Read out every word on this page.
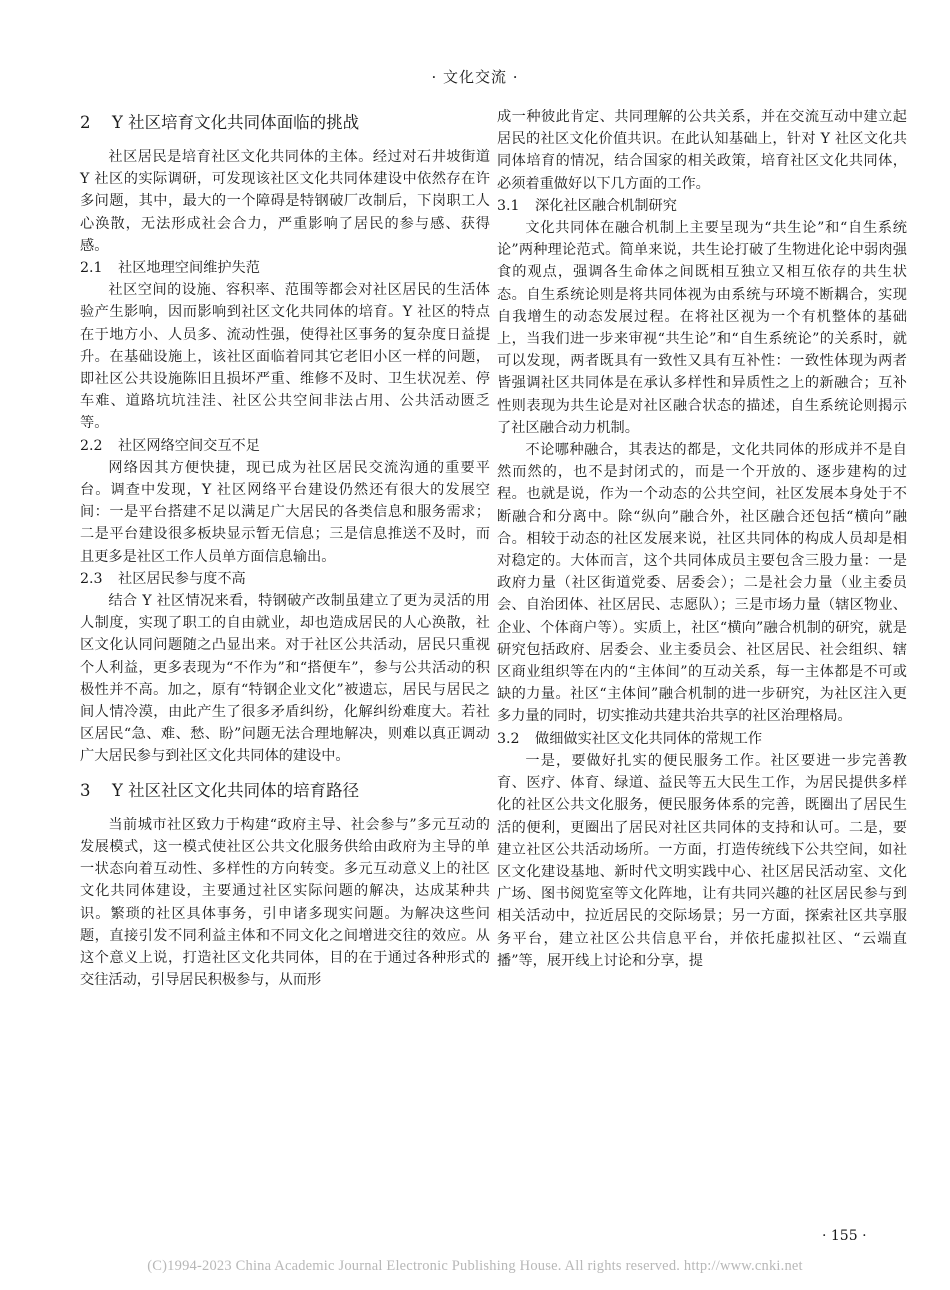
· 文化交流 ·
2 Y 社区培育文化共同体面临的挑战

社区居民是培育社区文化共同体的主体。经过对石井坡街道 Y 社区的实际调研，可发现该社区文化共同体建设中依然存在许多问题，其中，最大的一个障碍是特钢破厂改制后，下岗职工人心涣散，无法形成社会合力，严重影响了居民的参与感、获得感。

2.1 社区地理空间维护失范

社区空间的设施、容积率、范围等都会对社区居民的生活体验产生影响，因而影响到社区文化共同体的培育。Y 社区的特点在于地方小、人员多、流动性强，使得社区事务的复杂度日益提升。在基础设施上，该社区面临着同其它老旧小区一样的问题，即社区公共设施陈旧且损坏严重、维修不及时、卫生状况差、停车难、道路坑坑洼洼、社区公共空间非法占用、公共活动匮乏等。

2.2 社区网络空间交互不足

网络因其方便快捷，现已成为社区居民交流沟通的重要平台。调查中发现，Y 社区网络平台建设仍然还有很大的发展空间：一是平台搭建不足以满足广大居民的各类信息和服务需求；二是平台建设很多板块显示暂无信息；三是信息推送不及时，而且更多是社区工作人员单方面信息输出。

2.3 社区居民参与度不高

结合 Y 社区情况来看，特钢破产改制虽建立了更为灵活的用人制度，实现了职工的自由就业，却也造成居民的人心涣散，社区文化认同问题随之凸显出来。对于社区公共活动，居民只重视个人利益，更多表现为“不作为”和“搭便车”，参与公共活动的积极性并不高。加之，原有“特钢企业文化”被遗忘，居民与居民之间人情冷漠，由此产生了很多矛盾纠纷，化解纠纷难度大。若社区居民“急、难、愁、盼”问题无法合理地解决，则难以真正调动广大居民参与到社区文化共同体的建设中。

3 Y 社区社区文化共同体的培育路径

当前城市社区致力于构建“政府主导、社会参与”多元互动的发展模式，这一模式使社区公共文化服务供给由政府为主导的单一状态向着互动性、多样性的方向转变。多元互动意义上的社区文化共同体建设，主要通过社区实际问题的解决，达成某种共识。繁琐的社区具体事务，引申诸多现实问题。为解决这些问题，直接引发不同利益主体和不同文化之间增进交往的效应。从这个意义上说，打造社区文化共同体，目的在于通过各种形式的交往活动，引导居民积极参与，从而形

成一种彼此肯定、共同理解的公共关系，并在交流互动中建立起居民的社区文化价值共识。在此认知基础上，针对 Y 社区文化共同体培育的情况，结合国家的相关政策，培育社区文化共同体，必须着重做好以下几方面的工作。

3.1 深化社区融合机制研究

文化共同体在融合机制上主要呈现为“共生论”和“自生系统论”两种理论范式。简单来说，共生论打破了生物进化论中弱肉强食的观点，强调各生命体之间既相互独立又相互依存的共生状态。自生系统论则是将共同体视为由系统与环境不断耦合，实现自我增生的动态发展过程。在将社区视为一个有机整体的基础上，当我们进一步来审视“共生论”和“自生系统论”的关系时，就可以发现，两者既具有一致性又具有互补性：一致性体现为两者皆强调社区共同体是在承认多样性和异质性之上的新融合；互补性则表现为共生论是对社区融合状态的描述，自生系统论则揭示了社区融合动力机制。

不论哪种融合，其表达的都是，文化共同体的形成并不是自然而然的，也不是封闭式的，而是一个开放的、逐步建构的过程。也就是说，作为一个动态的公共空间，社区发展本身处于不断融合和分离中。除“纵向”融合外，社区融合还包括“横向”融合。相较于动态的社区发展来说，社区共同体的构成人员却是相对稳定的。大体而言，这个共同体成员主要包含三股力量：一是政府力量（社区街道党委、居委会）；二是社会力量（业主委员会、自治团体、社区居民、志愿队）；三是市场力量（辖区物业、企业、个体商户等）。实质上，社区“横向”融合机制的研究，就是研究包括政府、居委会、业主委员会、社区居民、社会组织、辖区商业组织等在内的“主体间”的互动关系，每一主体都是不可或缺的力量。社区“主体间”融合机制的进一步研究，为社区注入更多力量的同时，切实推动共建共治共享的社区治理格局。

3.2 做细做实社区文化共同体的常规工作

一是，要做好扎实的便民服务工作。社区要进一步完善教育、医疗、体育、绿道、益民等五大民生工作，为居民提供多样化的社区公共文化服务，便民服务体系的完善，既圈出了居民生活的便利，更圈出了居民对社区共同体的支持和认可。二是，要建立社区公共活动场所。一方面，打造传统线下公共空间，如社区文化建设基地、新时代文明实践中心、社区居民活动室、文化广场、图书阅览室等文化阵地，让有共同兴趣的社区居民参与到相关活动中，拉近居民的交际场景；另一方面，探索社区共享服务平台，建立社区公共信息平台，并依托虚拟社区、“云端直播”等，展开线上讨论和分享，提

· 155 ·
(C)1994-2023 China Academic Journal Electronic Publishing House. All rights reserved. http://www.cnki.net
